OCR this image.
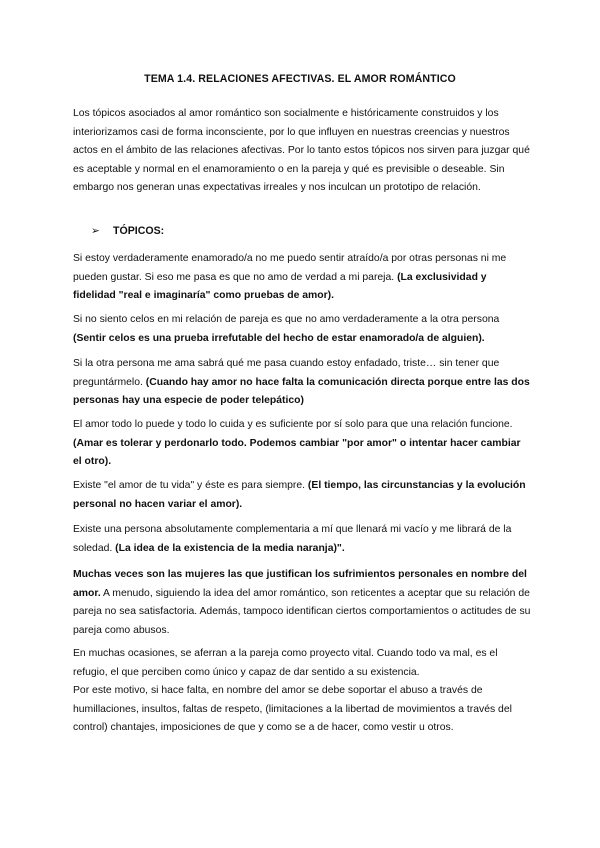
TEMA 1.4. RELACIONES AFECTIVAS. EL AMOR ROMÁNTICO

Los tópicos asociados al amor romántico son socialmente e históricamente construidos y los interiorizamos casi de forma inconsciente, por lo que influyen en nuestras creencias y nuestros actos en el ámbito de las relaciones afectivas. Por lo tanto estos tópicos nos sirven para juzgar qué es aceptable y normal en el enamoramiento o en la pareja y qué es previsible o deseable. Sin embargo nos generan unas expectativas irreales y nos inculcan un prototipo de relación.

➢ TÓPICOS:

Si estoy verdaderamente enamorado/a no me puedo sentir atraído/a por otras personas ni me pueden gustar. Si eso me pasa es que no amo de verdad a mi pareja. (La exclusividad y fidelidad "real e imaginaría" como pruebas de amor).

Si no siento celos en mi relación de pareja es que no amo verdaderamente a la otra persona (Sentir celos es una prueba irrefutable del hecho de estar enamorado/a de alguien).

Si la otra persona me ama sabrá qué me pasa cuando estoy enfadado, triste… sin tener que preguntármelo. (Cuando hay amor no hace falta la comunicación directa porque entre las dos personas hay una especie de poder telepático)

El amor todo lo puede y todo lo cuida y es suficiente por sí solo para que una relación funcione. (Amar es tolerar y perdonarlo todo. Podemos cambiar "por amor" o intentar hacer cambiar el otro).

Existe "el amor de tu vida" y éste es para siempre. (El tiempo, las circunstancias y la evolución personal no hacen variar el amor).

Existe una persona absolutamente complementaria a mí que llenará mi vacío y me librará de la soledad. (La idea de la existencia de la media naranja)".

Muchas veces son las mujeres las que justifican los sufrimientos personales en nombre del amor. A menudo, siguiendo la idea del amor romántico, son reticentes a aceptar que su relación de pareja no sea satisfactoria. Además, tampoco identifican ciertos comportamientos o actitudes de su pareja como abusos.

En muchas ocasiones, se aferran a la pareja como proyecto vital. Cuando todo va mal, es el refugio, el que perciben como único y capaz de dar sentido a su existencia.

Por este motivo, si hace falta, en nombre del amor se debe soportar el abuso a través de humillaciones, insultos, faltas de respeto, (limitaciones a la libertad de movimientos a través del control) chantajes, imposiciones de que y como se a de hacer, como vestir u otros.
